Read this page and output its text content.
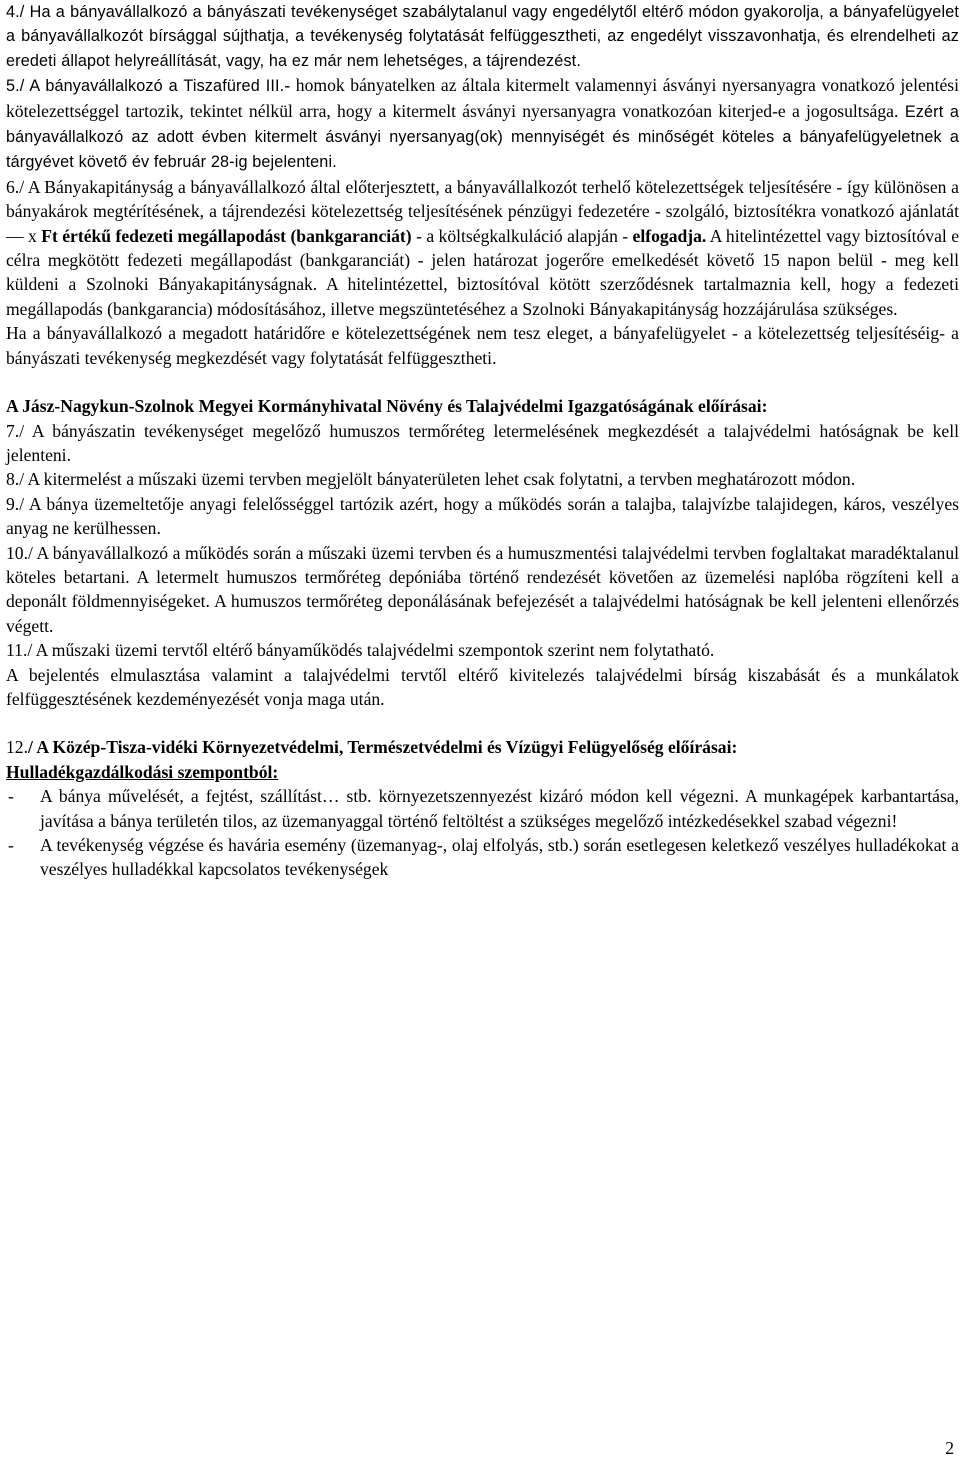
4./ Ha a bányavállalkozó a bányászati tevékenységet szabálytalanul vagy engedélytől eltérő módon gyakorolja, a bányafelügyelet a bányavállalkozót bírsággal sújthatja, a tevékenység folytatását felfüggesztheti, az engedélyt visszavonhatja, és elrendelheti az eredeti állapot helyreállítását, vagy, ha ez már nem lehetséges, a tájrendezést.

5./ A bányavállalkozó a Tiszafüred III.- homok bányatelken az általa kitermelt valamennyi ásványi nyersanyagra vonatkozó jelentési kötelezettséggel tartozik, tekintet nélkül arra, hogy a kitermelt ásványi nyersanyagra vonatkozóan kiterjed-e a jogosultsága. Ezért a bányavállalkozó az adott évben kitermelt ásványi nyersanyag(ok) mennyiségét és minőségét köteles a bányafelügyeletnek a tárgyévet követő év február 28-ig bejelenteni.

6./ A Bányakapitányság a bányavállalkozó által előterjesztett, a bányavállalkozót terhelő kötelezettségek teljesítésére - így különösen a bányakárok megtérítésének, a tájrendezési kötelezettség teljesítésének pénzügyi fedezetére - szolgáló, biztosítékra vonatkozó ajánlatát ― x Ft értékű fedezeti megállapodást (bankgaranciát) - a költségkalkuláció alapján - elfogadja. A hitelintézettel vagy biztosítóval e célra megkötött fedezeti megállapodást (bankgaranciát) - jelen határozat jogerőre emelkedését követő 15 napon belül - meg kell küldeni a Szolnoki Bányakapitányságnak. A hitelintézettel, biztosítóval kötött szerződésnek tartalmaznia kell, hogy a fedezeti megállapodás (bankgarancia) módosításához, illetve megszüntetéséhez a Szolnoki Bányakapitányság hozzájárulása szükséges.

Ha a bányavállalkozó a megadott határidőre e kötelezettségének nem tesz eleget, a bányafelügyelet - a kötelezettség teljesítéséig- a bányászati tevékenység megkezdését vagy folytatását felfüggesztheti.

A Jász-Nagykun-Szolnok Megyei Kormányhivatal Növény és Talajvédelmi Igazgatóságának előírásai:

7./ A bányászatin tevékenységet megelőző humuszos termőréteg letermelésének megkezdését a talajvédelmi hatóságnak be kell jelenteni.

8./ A kitermelést a műszaki üzemi tervben megjelölt bányaterületen lehet csak folytatni, a tervben meghatározott módon.

9./ A bánya üzemeltetője anyagi felelősséggel tartózik azért, hogy a működés során a talajba, talajvízbe talajidegen, káros, veszélyes anyag ne kerülhessen.

10./ A bányavállalkozó a működés során a műszaki üzemi tervben és a humuszmentési talajvédelmi tervben foglaltakat maradéktalanul köteles betartani. A letermelt humuszos termőréteg depóniába történő rendezését követően az üzemelési naplóba rögzíteni kell a deponált földmennyiségeket. A humuszos termőréteg deponálásának befejezését a talajvédelmi hatóságnak be kell jelenteni ellenőrzés végett.

11./ A műszaki üzemi tervtől eltérő bányaműködés talajvédelmi szempontok szerint nem folytatható.

A bejelentés elmulasztása valamint a talajvédelmi tervtől eltérő kivitelezés talajvédelmi bírság kiszabását és a munkálatok felfüggesztésének kezdeményezését vonja maga után.

12./ A Közép-Tisza-vidéki Környezetvédelmi, Természetvédelmi és Vízügyi Felügyelőség előírásai:

Hulladékgazdálkodási szempontból:

- A bánya művelését, a fejtést, szállítást… stb. környezetszennyezést kizáró módon kell végezni. A munkagépek karbantartása, javítása a bánya területén tilos, az üzemanyaggal történő feltöltést a szükséges megelőző intézkedésekkel szabad végezni!
- A tevékenység végzése és havária esemény (üzemanyag-, olaj elfolyás, stb.) során esetlegesen keletkező veszélyes hulladékokat a veszélyes hulladékkal kapcsolatos tevékenységek
2
